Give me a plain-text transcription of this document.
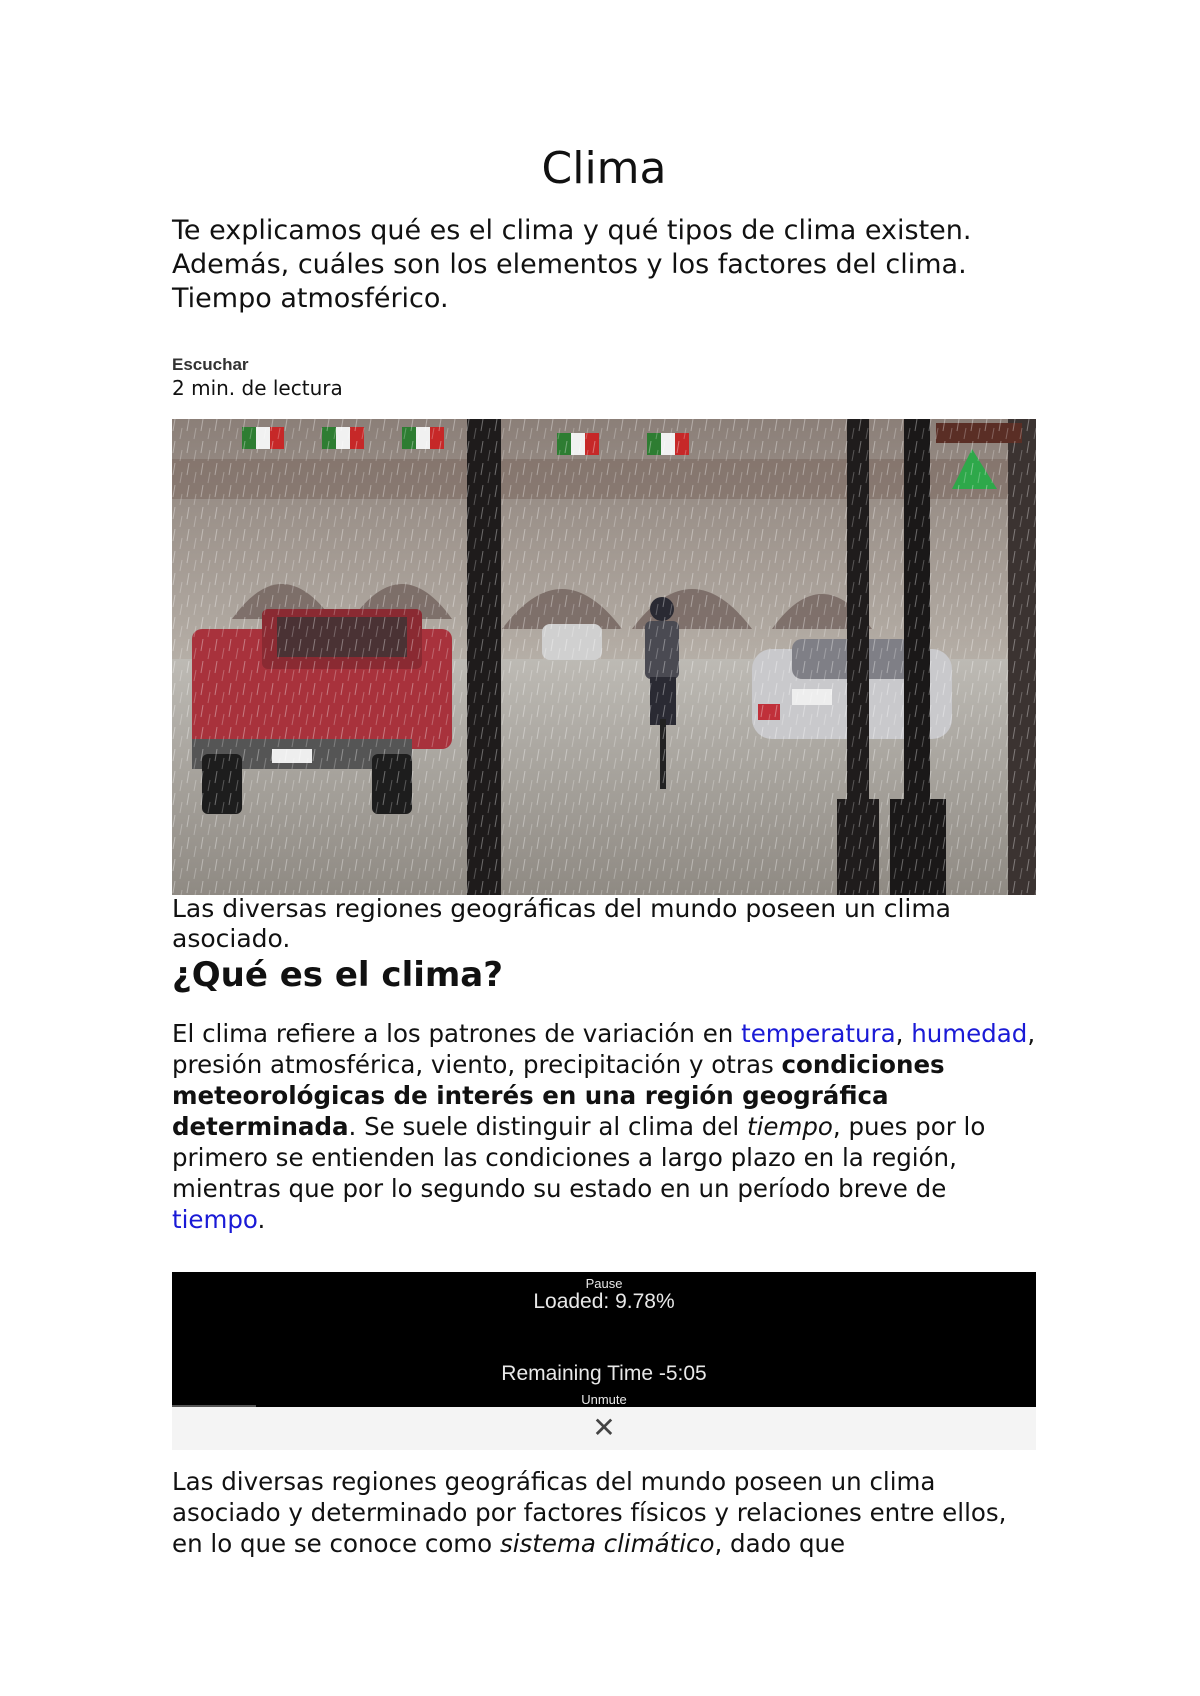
Clima

Te explicamos qué es el clima y qué tipos de clima existen. Además, cuáles son los elementos y los factores del clima. Tiempo atmosférico.

Escuchar

2 min. de lectura

Las diversas regiones geográficas del mundo poseen un clima asociado.

¿Qué es el clima?

El clima refiere a los patrones de variación en temperatura, humedad, presión atmosférica, viento, precipitación y otras condiciones meteorológicas de interés en una región geográfica determinada. Se suele distinguir al clima del tiempo, pues por lo primero se entienden las condiciones a largo plazo en la región, mientras que por lo segundo su estado en un período breve de tiempo.

Pause
Loaded: 9.78%
Remaining Time -5:05
Unmute
✕

Las diversas regiones geográficas del mundo poseen un clima asociado y determinado por factores físicos y relaciones entre ellos, en lo que se conoce como sistema climático, dado que
